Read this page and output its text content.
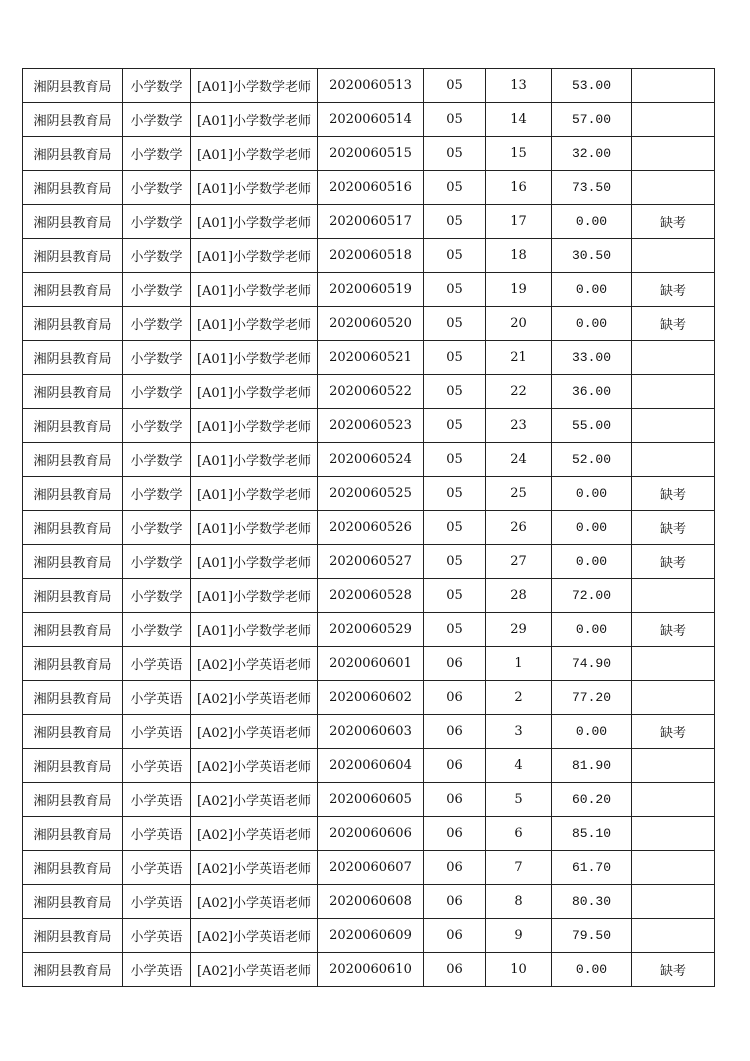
湘阴县教育局	小学数学	[A01]小学数学老师	2020060513	05	13	53.00	
湘阴县教育局	小学数学	[A01]小学数学老师	2020060514	05	14	57.00	
湘阴县教育局	小学数学	[A01]小学数学老师	2020060515	05	15	32.00	
湘阴县教育局	小学数学	[A01]小学数学老师	2020060516	05	16	73.50	
湘阴县教育局	小学数学	[A01]小学数学老师	2020060517	05	17	0.00	缺考
湘阴县教育局	小学数学	[A01]小学数学老师	2020060518	05	18	30.50	
湘阴县教育局	小学数学	[A01]小学数学老师	2020060519	05	19	0.00	缺考
湘阴县教育局	小学数学	[A01]小学数学老师	2020060520	05	20	0.00	缺考
湘阴县教育局	小学数学	[A01]小学数学老师	2020060521	05	21	33.00	
湘阴县教育局	小学数学	[A01]小学数学老师	2020060522	05	22	36.00	
湘阴县教育局	小学数学	[A01]小学数学老师	2020060523	05	23	55.00	
湘阴县教育局	小学数学	[A01]小学数学老师	2020060524	05	24	52.00	
湘阴县教育局	小学数学	[A01]小学数学老师	2020060525	05	25	0.00	缺考
湘阴县教育局	小学数学	[A01]小学数学老师	2020060526	05	26	0.00	缺考
湘阴县教育局	小学数学	[A01]小学数学老师	2020060527	05	27	0.00	缺考
湘阴县教育局	小学数学	[A01]小学数学老师	2020060528	05	28	72.00	
湘阴县教育局	小学数学	[A01]小学数学老师	2020060529	05	29	0.00	缺考
湘阴县教育局	小学英语	[A02]小学英语老师	2020060601	06	1	74.90	
湘阴县教育局	小学英语	[A02]小学英语老师	2020060602	06	2	77.20	
湘阴县教育局	小学英语	[A02]小学英语老师	2020060603	06	3	0.00	缺考
湘阴县教育局	小学英语	[A02]小学英语老师	2020060604	06	4	81.90	
湘阴县教育局	小学英语	[A02]小学英语老师	2020060605	06	5	60.20	
湘阴县教育局	小学英语	[A02]小学英语老师	2020060606	06	6	85.10	
湘阴县教育局	小学英语	[A02]小学英语老师	2020060607	06	7	61.70	
湘阴县教育局	小学英语	[A02]小学英语老师	2020060608	06	8	80.30	
湘阴县教育局	小学英语	[A02]小学英语老师	2020060609	06	9	79.50	
湘阴县教育局	小学英语	[A02]小学英语老师	2020060610	06	10	0.00	缺考
